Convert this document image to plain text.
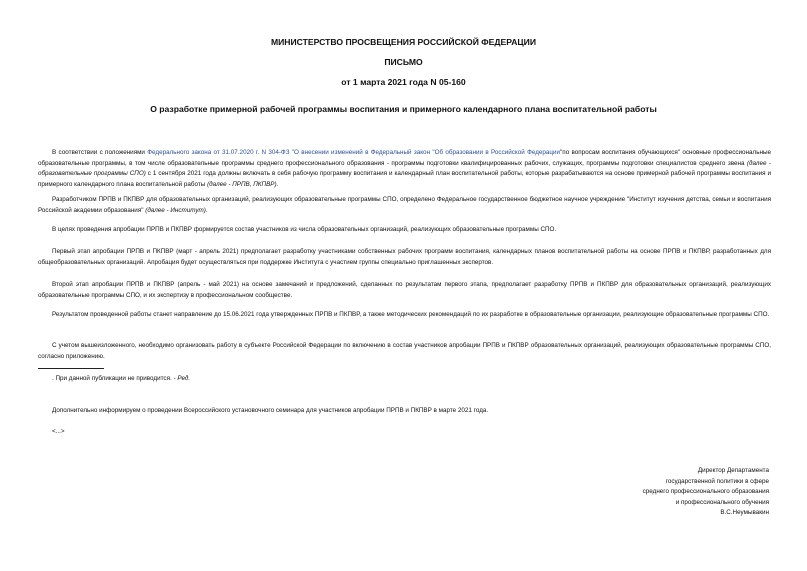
МИНИСТЕРСТВО ПРОСВЕЩЕНИЯ РОССИЙСКОЙ ФЕДЕРАЦИИ
ПИСЬМО
от 1 марта 2021 года N 05-160
О разработке примерной рабочей программы воспитания и примерного календарного плана воспитательной работы
В соответствии с положениями Федерального закона от 31.07.2020 г. N 304-ФЗ "О внесении изменений в Федеральный закон "Об образовании в Российской Федерации"по вопросам воспитания обучающихся" основные профессиональные образовательные программы, в том числе образовательные программы среднего профессионального образования - программы подготовки квалифицированных рабочих, служащих, программы подготовки специалистов среднего звена (далее - образовательные программы СПО) с 1 сентября 2021 года должны включать в себя рабочую программу воспитания и календарный план воспитательной работы, которые разрабатываются на основе примерной рабочей программы воспитания и примерного календарного плана воспитательной работы (далее - ПРПВ, ПКПВР).
Разработчиком ПРПВ и ПКПВР для образовательных организаций, реализующих образовательные программы СПО, определено Федеральное государственное бюджетное научное учреждение "Институт изучения детства, семьи и воспитания Российской академии образования" (далее - Институт).
В целях проведения апробации ПРПВ и ПКПВР формируется состав участников из числа образовательных организаций, реализующих образовательные программы СПО.
Первый этап апробации ПРПВ и ПКПВР (март - апрель 2021) предполагает разработку участниками собственных рабочих программ воспитания, календарных планов воспитательной работы на основе ПРПВ и ПКПВР, разработанных для общеобразовательных организаций. Апробация будет осуществляться при поддержке Института с участием группы специально приглашенных экспертов.
Второй этап апробации ПРПВ и ПКПВР (апрель - май 2021) на основе замечаний и предложений, сделанных по результатам первого этапа, предполагает разработку ПРПВ и ПКПВР для образовательных организаций, реализующих образовательные программы СПО, и их экспертизу в профессиональном сообществе.
Результатом проведенной работы станет направление до 15.06.2021 года утвержденных ПРПВ и ПКПВР, а также методических рекомендаций по их разработке в образовательные организации, реализующие образовательные программы СПО.
С учетом вышеизложенного, необходимо организовать работу в субъекте Российской Федерации по включению в состав участников апробации ПРПВ и ПКПВР образовательных организаций, реализующих образовательные программы СПО, согласно приложению.
. При данной публикации не приводится. - Ред.
Дополнительно информируем о проведении Всероссийского установочного семинара для участников апробации ПРПВ и ПКПВР в марте 2021 года.
<...>
Директор Департамента
государственной политики в сфере
среднего профессионального образования
и профессионального обучения
В.С.Неумывакин
